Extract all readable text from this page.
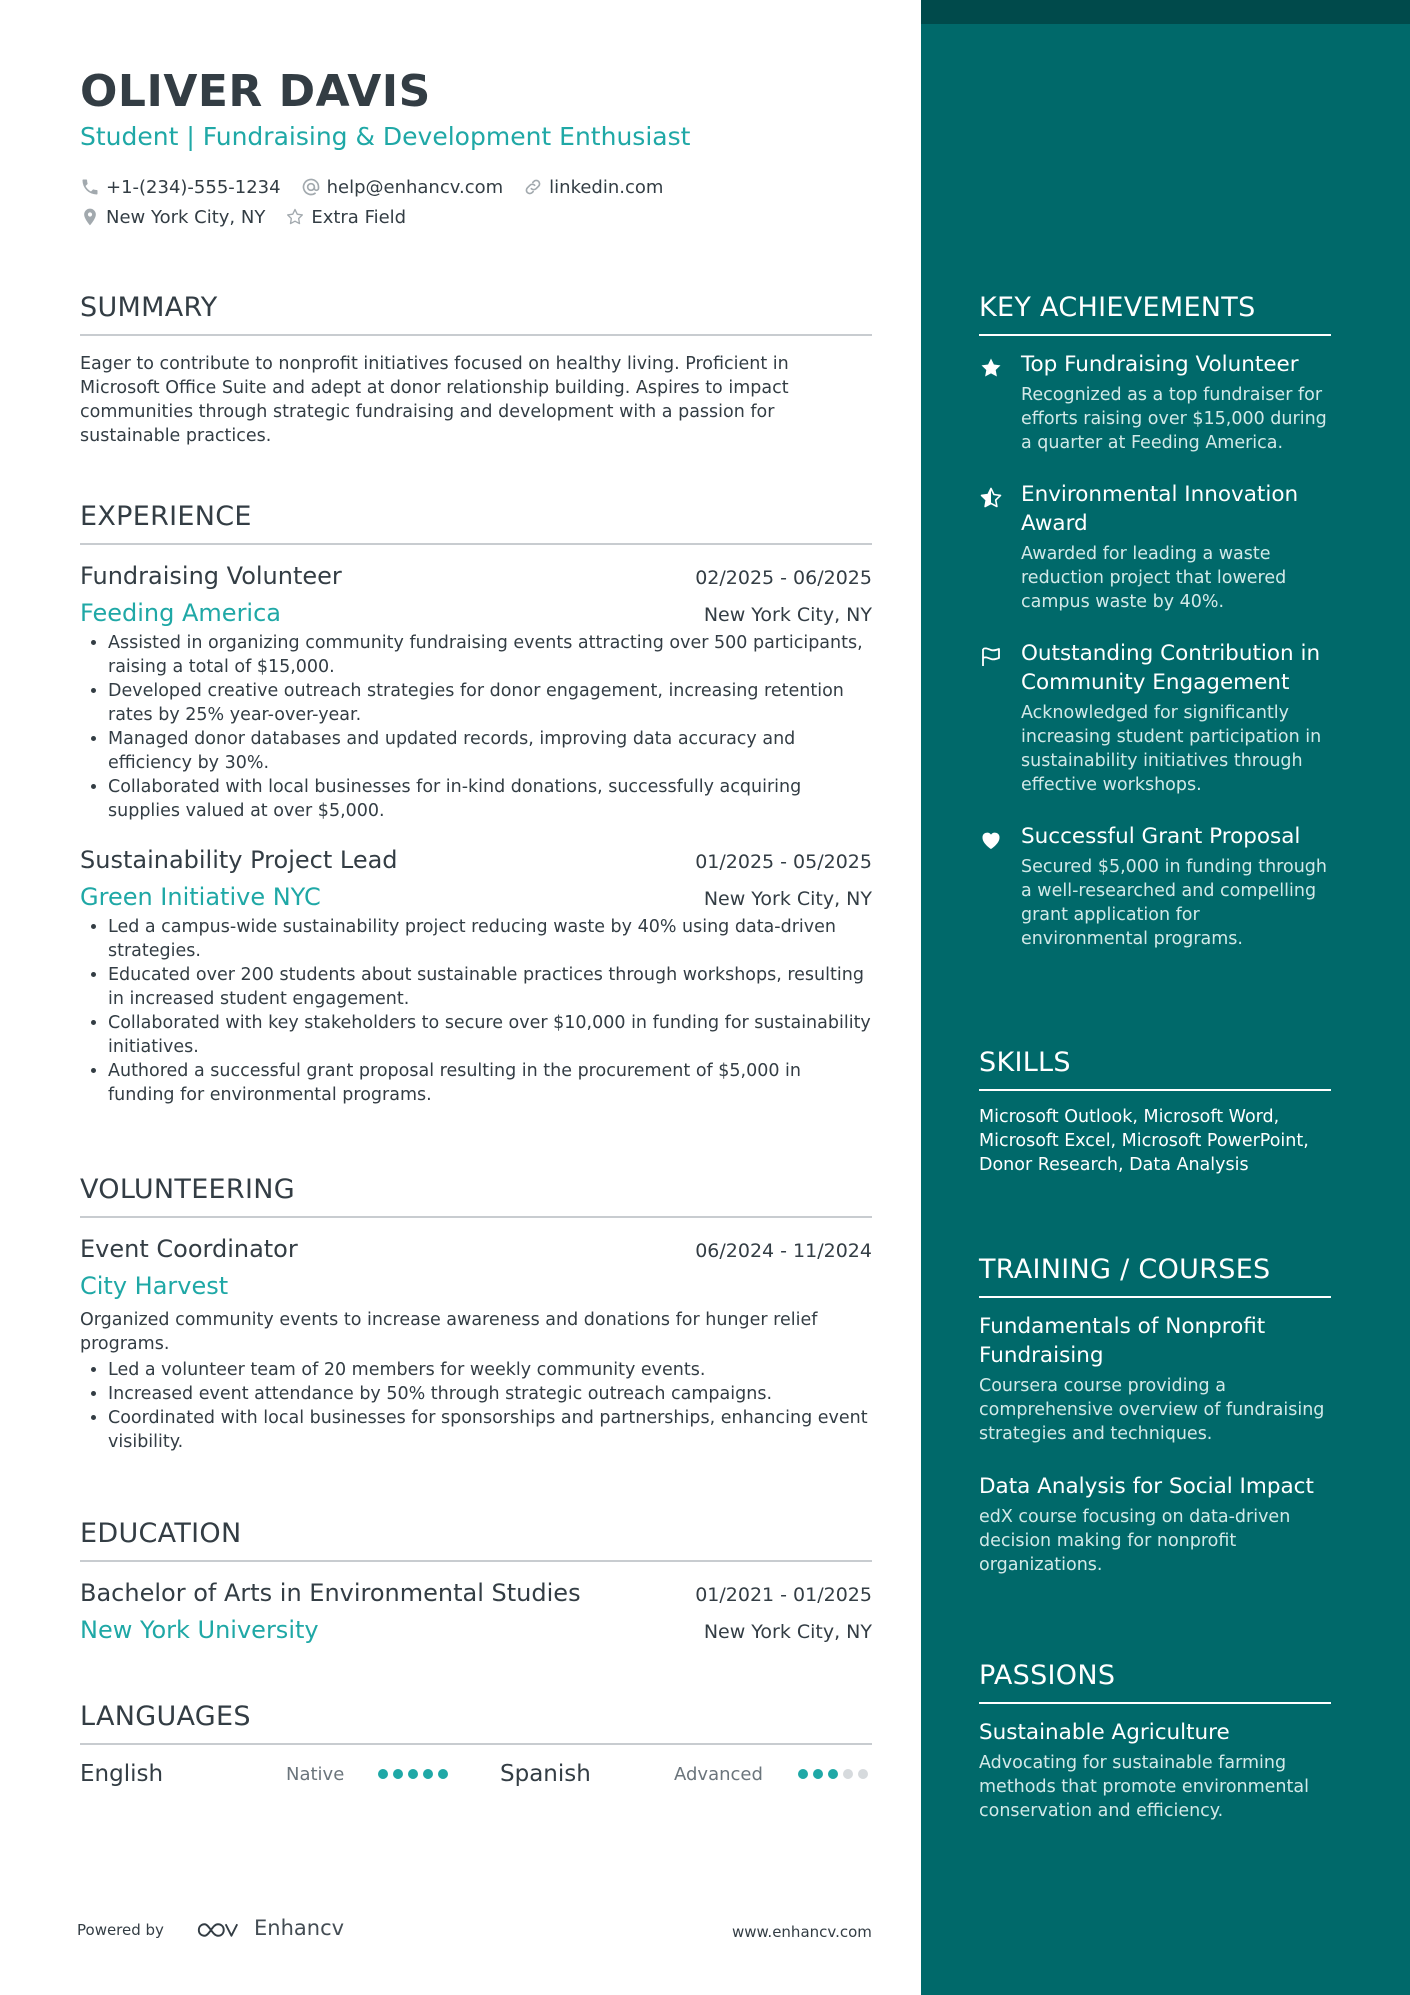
OLIVER DAVIS
Student | Fundraising & Development Enthusiast
+1-(234)-555-1234	help@enhancv.com	linkedin.com
New York City, NY	Extra Field
SUMMARY

Eager to contribute to nonprofit initiatives focused on healthy living. Proficient in Microsoft Office Suite and adept at donor relationship building. Aspires to impact communities through strategic fundraising and development with a passion for sustainable practices.

EXPERIENCE
Fundraising Volunteer	02/2025 - 06/2025
Feeding America	New York City, NY
• Assisted in organizing community fundraising events attracting over 500 participants, raising a total of $15,000.
• Developed creative outreach strategies for donor engagement, increasing retention rates by 25% year-over-year.
• Managed donor databases and updated records, improving data accuracy and efficiency by 30%.
• Collaborated with local businesses for in-kind donations, successfully acquiring supplies valued at over $5,000.
Sustainability Project Lead	01/2025 - 05/2025
Green Initiative NYC	New York City, NY
• Led a campus-wide sustainability project reducing waste by 40% using data-driven strategies.
• Educated over 200 students about sustainable practices through workshops, resulting in increased student engagement.
• Collaborated with key stakeholders to secure over $10,000 in funding for sustainability initiatives.
• Authored a successful grant proposal resulting in the procurement of $5,000 in funding for environmental programs.
VOLUNTEERING
Event Coordinator	06/2024 - 11/2024
City Harvest
Organized community events to increase awareness and donations for hunger relief programs.
• Led a volunteer team of 20 members for weekly community events.
• Increased event attendance by 50% through strategic outreach campaigns.
• Coordinated with local businesses for sponsorships and partnerships, enhancing event visibility.
EDUCATION
Bachelor of Arts in Environmental Studies	01/2021 - 01/2025
New York University	New York City, NY
LANGUAGES
English	Native	Spanish	Advanced
Powered by	Enhancv	www.enhancv.com
KEY ACHIEVEMENTS
Top Fundraising Volunteer
Recognized as a top fundraiser for efforts raising over $15,000 during a quarter at Feeding America.
Environmental Innovation Award
Awarded for leading a waste reduction project that lowered campus waste by 40%.
Outstanding Contribution in Community Engagement
Acknowledged for significantly increasing student participation in sustainability initiatives through effective workshops.
Successful Grant Proposal
Secured $5,000 in funding through a well-researched and compelling grant application for environmental programs.
SKILLS

Microsoft Outlook, Microsoft Word, Microsoft Excel, Microsoft PowerPoint, Donor Research, Data Analysis

TRAINING / COURSES
Fundamentals of Nonprofit Fundraising
Coursera course providing a comprehensive overview of fundraising strategies and techniques.
Data Analysis for Social Impact
edX course focusing on data-driven decision making for nonprofit organizations.
PASSIONS
Sustainable Agriculture
Advocating for sustainable farming methods that promote environmental conservation and efficiency.
